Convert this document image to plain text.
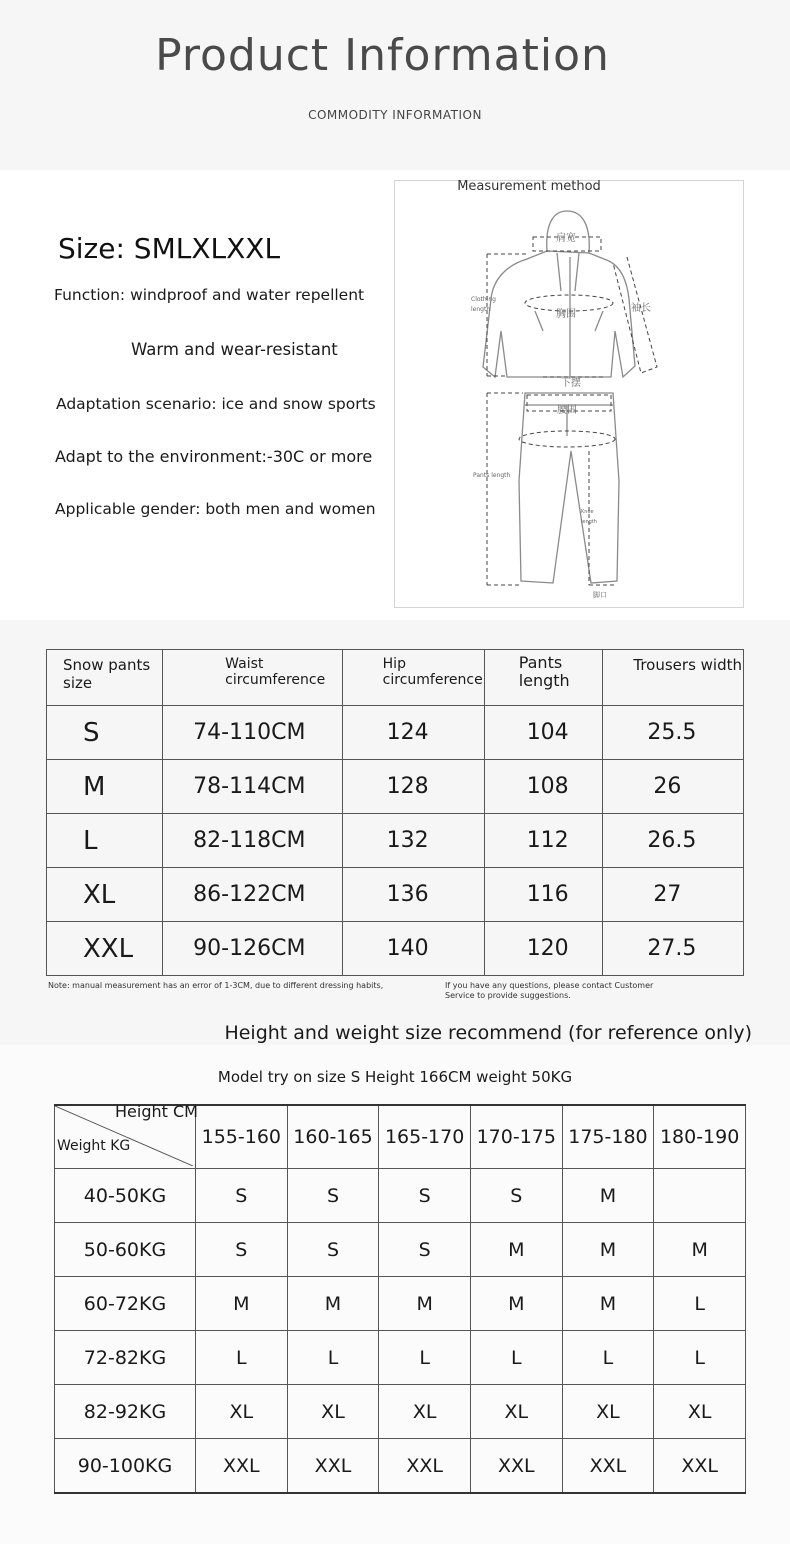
Product Information
COMMODITY INFORMATION
Size: SMLXLXXL
Function: windproof and water repellent
Warm and wear-resistant
Adaptation scenario: ice and snow sports
Adapt to the environment:-30C or more
Applicable gender: both men and women
肩宽
胸围
袖长
Clothing
length
下摆
腰围
Pants length
Knee
length
脚口
Measurement method
Snow pants size	Waist circumference	Hip circumference	Pants length	Trousers width
S	74-110CM	124	104	25.5
M	78-114CM	128	108	26
L	82-118CM	132	112	26.5
XL	86-122CM	136	116	27
XXL	90-126CM	140	120	27.5
Note: manual measurement has an error of 1-3CM, due to different dressing habits,	If you have any questions, please contact Customer Service to provide suggestions.
Height and weight size recommend (for reference only)
Model try on size S Height 166CM weight 50KG
Height CM
Weight KG	155-160	160-165	165-170	170-175	175-180	180-190
40-50KG	S	S	S	S	M	
50-60KG	S	S	S	M	M	M
60-72KG	M	M	M	M	M	L
72-82KG	L	L	L	L	L	L
82-92KG	XL	XL	XL	XL	XL	XL
90-100KG	XXL	XXL	XXL	XXL	XXL	XXL
